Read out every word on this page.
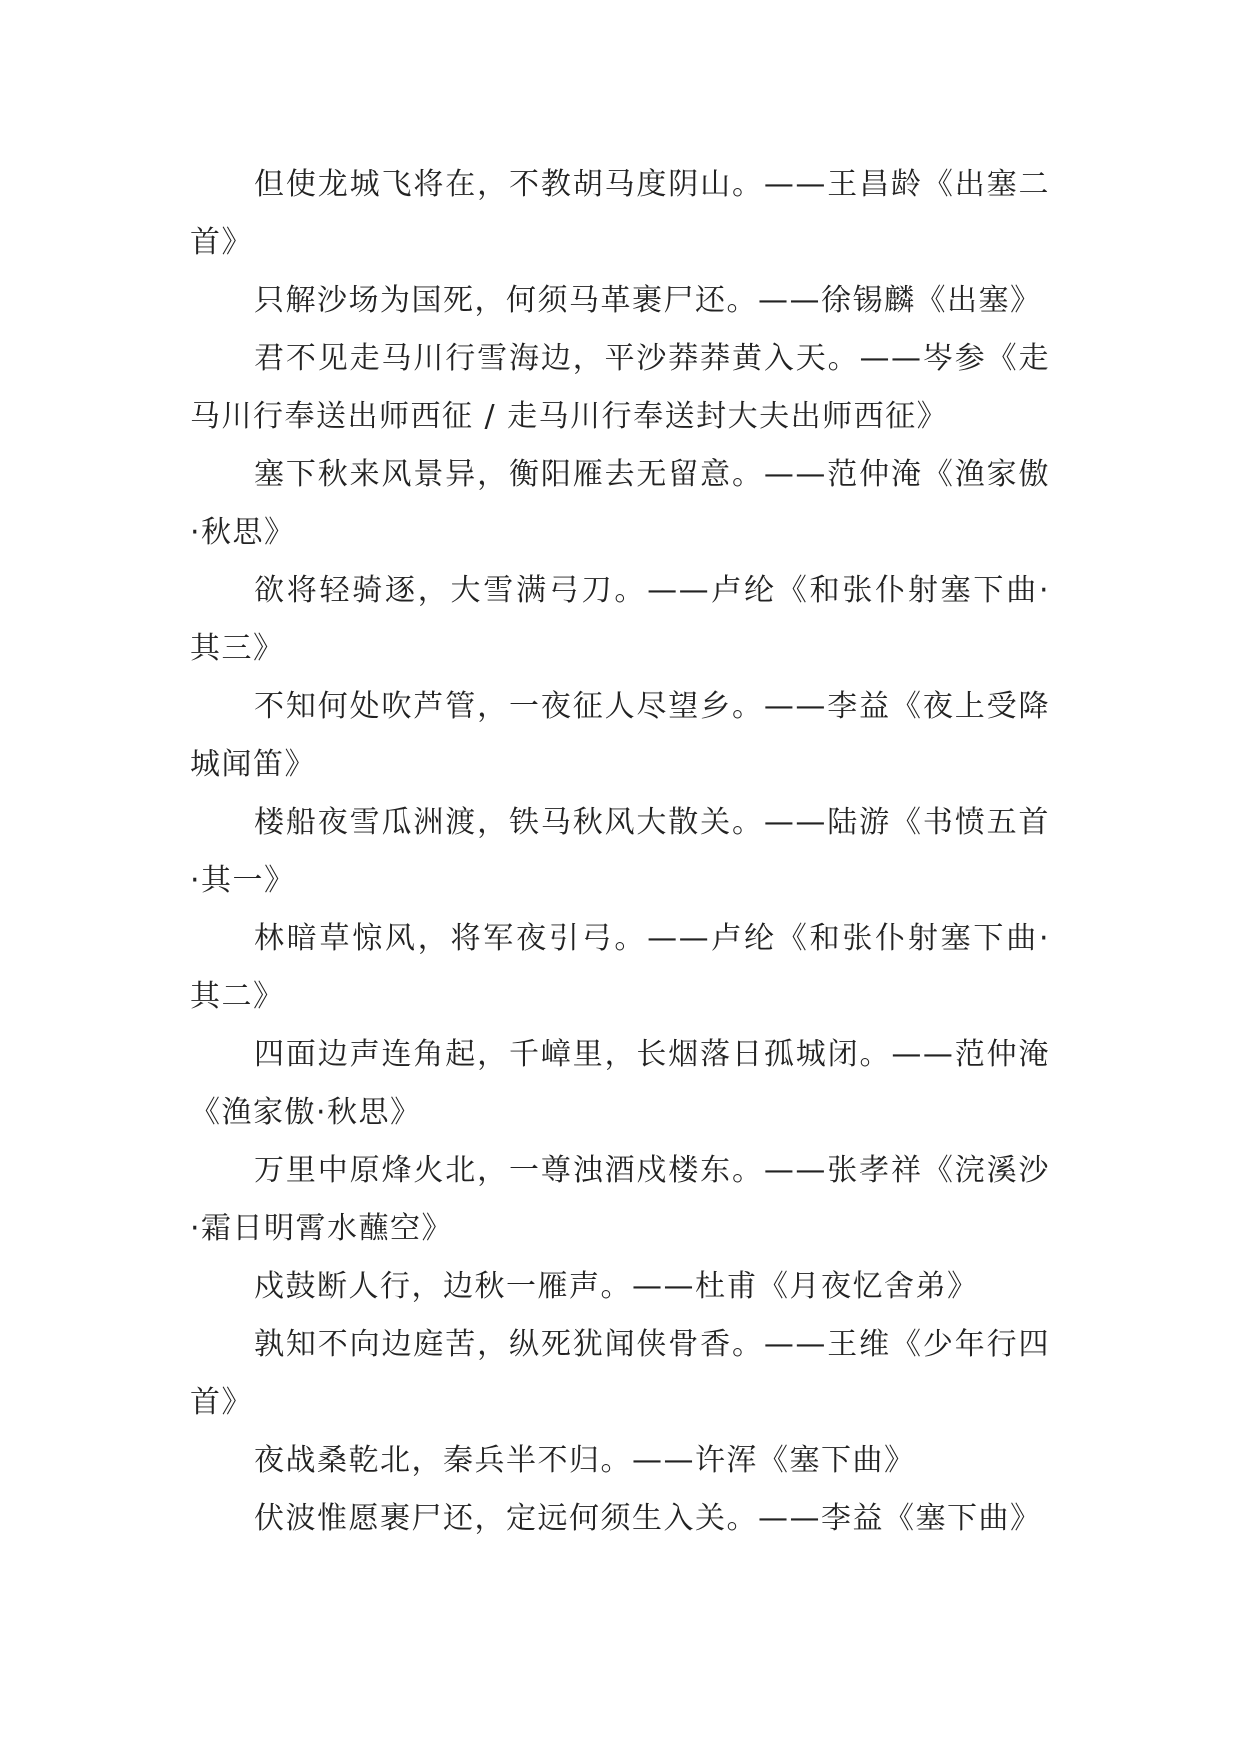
但使龙城飞将在，不教胡马度阴山。——王昌龄《出塞二首》

只解沙场为国死，何须马革裹尸还。——徐锡麟《出塞》

君不见走马川行雪海边，平沙莽莽黄入天。——岑参《走马川行奉送出师西征 / 走马川行奉送封大夫出师西征》

塞下秋来风景异，衡阳雁去无留意。——范仲淹《渔家傲·秋思》

欲将轻骑逐，大雪满弓刀。——卢纶《和张仆射塞下曲·其三》

不知何处吹芦管，一夜征人尽望乡。——李益《夜上受降城闻笛》

楼船夜雪瓜洲渡，铁马秋风大散关。——陆游《书愤五首·其一》

林暗草惊风，将军夜引弓。——卢纶《和张仆射塞下曲·其二》

四面边声连角起，千嶂里，长烟落日孤城闭。——范仲淹《渔家傲·秋思》

万里中原烽火北，一尊浊酒戍楼东。——张孝祥《浣溪沙·霜日明霄水蘸空》

戍鼓断人行，边秋一雁声。——杜甫《月夜忆舍弟》

孰知不向边庭苦，纵死犹闻侠骨香。——王维《少年行四首》

夜战桑乾北，秦兵半不归。——许浑《塞下曲》

伏波惟愿裹尸还，定远何须生入关。——李益《塞下曲》
